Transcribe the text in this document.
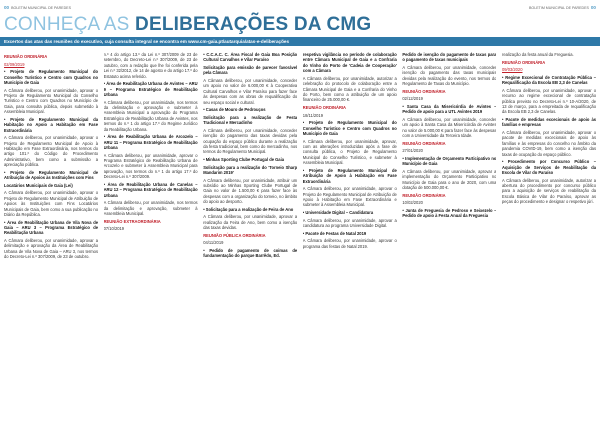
00 BOLETIM MUNICIPAL DE PAREDES	BOLETIM MUNICIPAL DE PAREDES 00
CONHEÇA AS DELIBERAÇÕES DA CMG
Excertos das atas das reuniões do executivo, cuja consulta integral se encontra em www.cm-gaia.pt/autarquia/atas-e-deliberações

REUNIÃO ORDINÁRIA

02/09/2019

• Projeto de Regulamento Municipal do Conselho Turístico e Centro com Quadros no Município de Gaia

A Câmara deliberou, por unanimidade, aprovar o Projeto de Regulamento Municipal do Conselho Turístico e Centro com Quadros no Município de Gaia, para consulta pública, depois submetido à Assembleia Municipal.

• Projeto de Regulamento Municipal da Habitação no Apoio a Habitação em Fase Extraordinária

A Câmara deliberou, por unanimidade, aprovar o Projeto de Regulamento Municipal de Apoio à Habitação em Fase Extraordinária, nos termos do artigo 101.º do Código do Procedimento Administrativo, bem como a submissão a apreciação pública.

• Projeto de Regulamento Municipal de Atribuição de Apoios às Instituições com Fins

Locatários Municipais de Gaia (Lei)

A Câmara deliberou, por unanimidade, aprovar o Projeto de Regulamento Municipal de Atribuição de Apoios às Instituições com Fins Locatários Municipais de Gaia, bem como a sua publicação no Diário da República.

• Área de Reabilitação Urbana de Vila Nova de Gaia – ARU 3 – Programa Estratégico de Reabilitação Urbana

A Câmara deliberou, por unanimidade, aprovar a delimitação e aprovação da Área de Reabilitação Urbana de Vila Nova de Gaia – ARU 3, nos termos do Decreto-Lei n.º 307/2009, de 23 de outubro.

n.º 4 do artigo 13.º da Lei n.º 307/2009 de 23 de setembro, do Decreto-Lei n.º 307/2009, de 23 de outubro, com a redação que lhe foi conferida pela Lei n.º 32/2012, de 14 de agosto e do artigo 17.º do Estatuto acima referido.

• Área de Reabilitação Urbana de Avintes – ARU 9 – Programa Estratégico de Reabilitação Urbana

A Câmara deliberou, por unanimidade, nos termos da delimitação e aprovação e submeter à Assembleia Municipal a aprovação do Programa Estratégico de Reabilitação Urbana de Avintes, nos termos do n.º 1 do artigo 17.º do Regime Jurídico da Reabilitação Urbana.

• Área de Reabilitação Urbana de Arcozelo – ARU 11 – Programa Estratégico de Reabilitação Urbana

A Câmara deliberou, por unanimidade, aprovar o Programa Estratégico de Reabilitação Urbana de Arcozelo e submeter à Assembleia Municipal para aprovação, nos termos do n.º 1 do artigo 17.º do Decreto-Lei n.º 307/2009.

• Área de Reabilitação Urbana de Canelas – ARU 12 – Programa Estratégico de Reabilitação Urbana

A Câmara deliberou, por unanimidade, nos termos da delimitação e aprovação, submeter à Assembleia Municipal.

REUNIÃO EXTRAORDINÁRIA

07/10/2019

• C.C.A.C. C. Área Fiscal de Gaia Boa Posição Cultural Carvalhos e Vilar Paraíso

Solicitação para emissão de parecer favorável pela Câmara

A Câmara deliberou, por unanimidade, conceder um apoio no valor de 6.000,00 € à Cooperativa Cultural Carvalhos e Vilar Paraíso para fazer face às despesas com as obras de requalificação do seu espaço social e cultural.

• Casas de Mouro de Pedrouços

Solicitação para a realização de Festa Tradicional e Mercadinho

A Câmara deliberou, por unanimidade, conceder isenção do pagamento das taxas devidas pela ocupação do espaço público durante a realização da festa tradicional, bem como do mercadinho, nos termos do Regulamento Municipal.

• Minhas Sporting Clube Portugal de Gaia

Solicitação para a realização do 'Torneio Sharp Mandarim 2019'

A Câmara deliberou, por unanimidade, atribuir um subsídio ao Minhas Sporting Clube Portugal de Gaia no valor de 1.500,00 € para fazer face às despesas com a organização do torneio, no âmbito do apoio ao desporto.

• Solicitação para a realização de Feira de Ano

A Câmara deliberou, por unanimidade, aprovar a realização da Feira de Ano, bem como a isenção das taxas devidas.

REUNIÃO PÚBLICA ORDINÁRIA

04/11/2019

• Pedido de pagamento de coimas de fundamentação do parque Barrêdo, Ed.

respetiva vigilância no período de colaboração entre Câmara Municipal de Gaia e a Confraria do Vinho do Porto de 'Cadeia de Cooperação' com a Câmara

A Câmara deliberou, por unanimidade, autorizar a celebração do protocolo de colaboração entre a Câmara Municipal de Gaia e a Confraria do Vinho do Porto, bem como a atribuição de um apoio financeiro de 25.000,00 €.

REUNIÃO ORDINÁRIA

18/11/2019

• Projeto de Regulamento Municipal do Conselho Turístico e Centro com Quadros no Município de Gaia

A Câmara deliberou, por unanimidade, aprovar, com as alterações introduzidas após a fase de consulta pública, o Projeto de Regulamento Municipal do Conselho Turístico, e submeter à Assembleia Municipal.

• Projeto de Regulamento Municipal de Atribuição de Apoio à Habitação em Fase Extraordinária

A Câmara deliberou, por unanimidade, aprovar o Projeto de Regulamento Municipal de Atribuição de Apoio à Habitação em Fase Extraordinária e submeter à Assembleia Municipal.

• Universidade Digital – Candidatura

A Câmara deliberou, por unanimidade, aprovar a candidatura ao programa Universidade Digital.

• Pacote de Festas de Natal 2019

A Câmara deliberou, por unanimidade, aprovar o programa das festas de Natal 2019.

Pedido de isenção do pagamento de taxas para o pagamento de taxas municipais

A Câmara deliberou, por unanimidade, conceder isenção do pagamento das taxas municipais devidas pela realização do evento, nos termos do Regulamento de Taxas do Município.

REUNIÃO ORDINÁRIA

02/12/2019

• Santa Casa da Misericórdia de Avintes – Pedido de apoio para a UTL Avintes 2019

A Câmara deliberou, por unanimidade, conceder um apoio à Santa Casa da Misericórdia de Avintes no valor de 5.000,00 € para fazer face às despesas com a Universidade da Terceira Idade.

REUNIÃO ORDINÁRIA

27/01/2020

• Implementação de Orçamento Participativo no Município de Gaia

A Câmara deliberou, por unanimidade, aprovar a implementação do Orçamento Participativo no Município de Gaia para o ano de 2020, com uma dotação de 500.000,00 €.

REUNIÃO ORDINÁRIA

10/02/2020

• Junta de Freguesia de Pedroso e Seixezelo – Pedido de apoio à Festa Anual da Freguesia

realização da festa anual da Freguesia.

REUNIÃO ORDINÁRIA

09/03/2020

• Regime Excecional de Contratação Pública – Requalificação da Escola EB 2,3 de Canelas

A Câmara deliberou, por unanimidade, aprovar o recurso ao regime excecional de contratação pública previsto no Decreto-Lei n.º 10-A/2020, de 13 de março, para a empreitada de requalificação da Escola EB 2,3 de Canelas.

• Pacote de medidas excecionais de apoio às famílias e empresas

A Câmara deliberou, por unanimidade, aprovar o pacote de medidas excecionais de apoio às famílias e às empresas do concelho no âmbito da pandemia COVID-19, bem como a isenção das taxas de ocupação do espaço público.

• Procedimento por Concurso Público – Aquisição de Serviços de Reabilitação da Escola de Vilar do Paraíso

A Câmara deliberou, por unanimidade, autorizar a abertura do procedimento por concurso público para a aquisição de serviços de reabilitação da Escola Básica de Vilar do Paraíso, aprovar as peças do procedimento e designar o respetivo júri.
